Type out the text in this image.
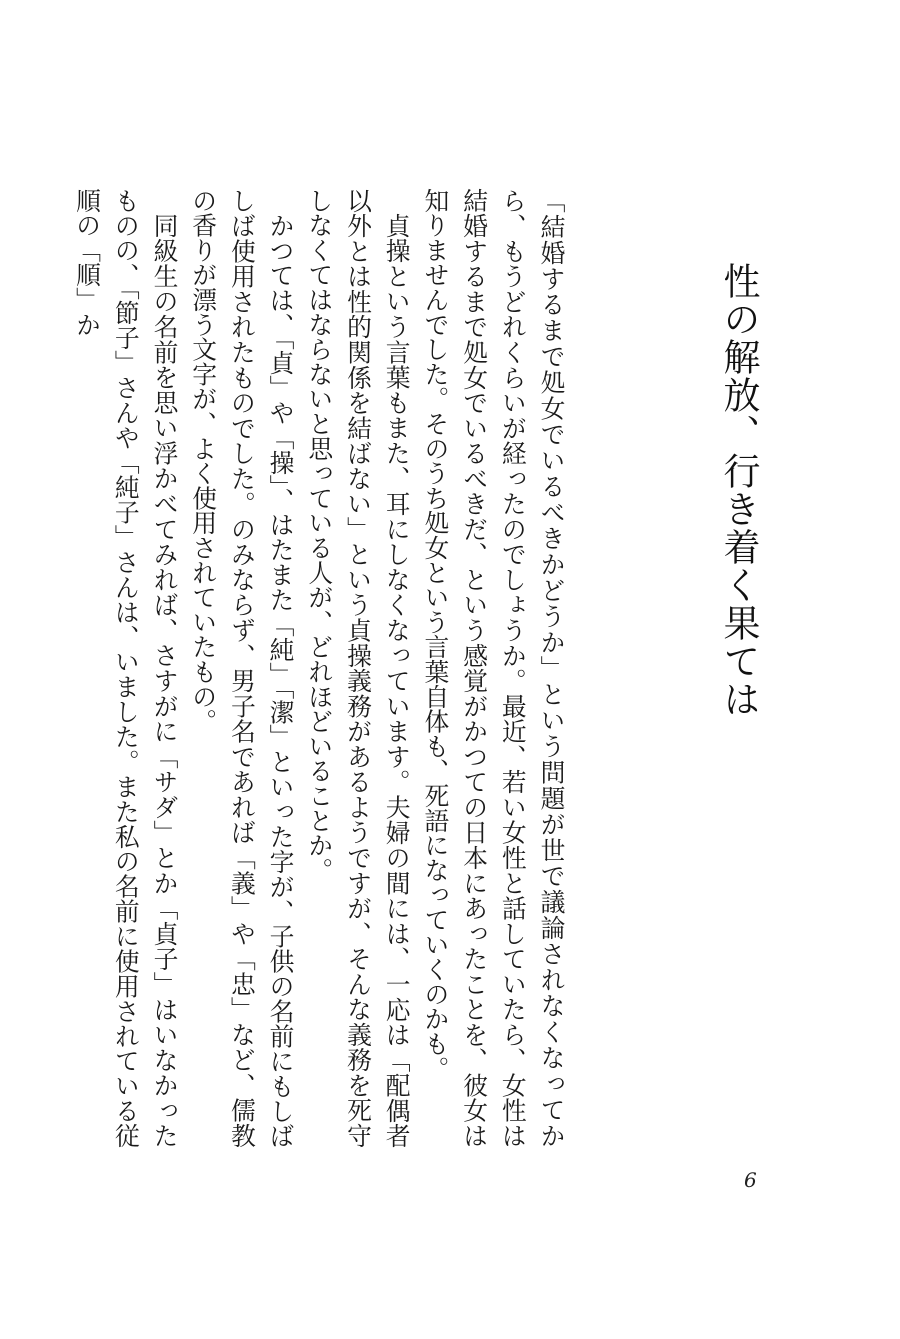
性の解放、行き着く果ては

「結婚するまで処女でいるべきかどうか」という問題が世で議論されなくなってから、もうどれくらいが経ったのでしょうか。最近、若い女性と話していたら、女性は結婚するまで処女でいるべきだ、という感覚がかつての日本にあったことを、彼女は知りませんでした。そのうち処女という言葉自体も、死語になっていくのかも。

貞操という言葉もまた、耳にしなくなっています。夫婦の間には、一応は「配偶者以外とは性的関係を結ばない」という貞操義務があるようですが、そんな義務を死守しなくてはならないと思っている人が、どれほどいることか。

かつては、「貞」や「操」、はたまた「純」「潔」といった字が、子供の名前にもしばしば使用されたものでした。のみならず、男子名であれば「義」や「忠」など、儒教の香りが漂う文字が、よく使用されていたもの。

同級生の名前を思い浮かべてみれば、さすがに「サダ」とか「貞子」はいなかったものの、「節子」さんや「純子」さんは、いました。また私の名前に使用されている従順の「順」か

6
